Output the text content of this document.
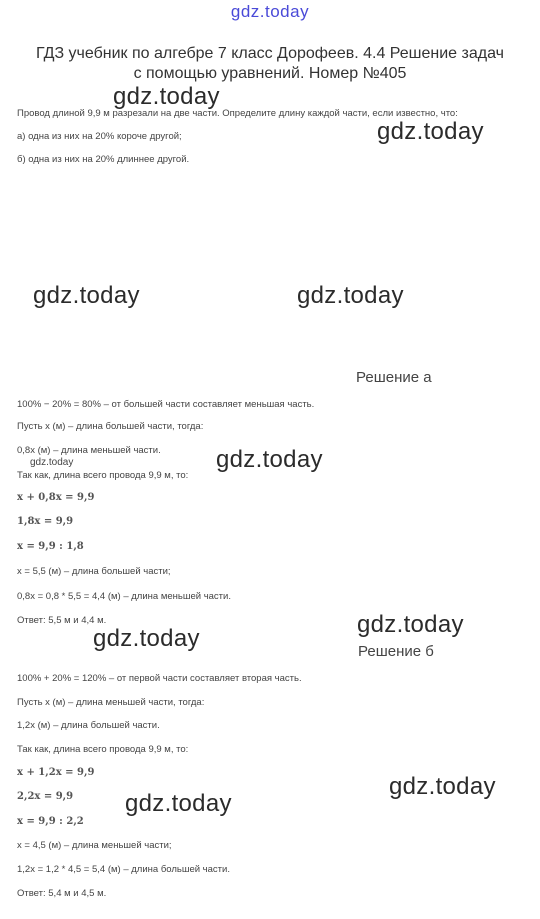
gdz.today
ГДЗ учебник по алгебре 7 класс Дорофеев. 4.4 Решение задач
с помощью уравнений. Номер №405
Провод длиной 9,9 м разрезали на две части. Определите длину каждой части, если известно, что:
а) одна из них на 20% короче другой;
б) одна из них на 20% длиннее другой.
Решение а
100% − 20% = 80% – от большей части составляет меньшая часть.
Пусть x (м) – длина большей части, тогда:
0,8x (м) – длина меньшей части.
Так как, длина всего провода 9,9 м, то:
x + 0,8x = 9,9
1,8x = 9,9
x = 9,9 : 1,8
x = 5,5 (м) – длина большей части;
0,8x = 0,8 * 5,5 = 4,4 (м) – длина меньшей части.
Ответ: 5,5 м и 4,4 м.
Решение б
100% + 20% = 120% – от первой части составляет вторая часть.
Пусть x (м) – длина меньшей части, тогда:
1,2x (м) – длина большей части.
Так как, длина всего провода 9,9 м, то:
x + 1,2x = 9,9
2,2x = 9,9
x = 9,9 : 2,2
x = 4,5 (м) – длина меньшей части;
1,2x = 1,2 * 4,5 = 5,4 (м) – длина большей части.
Ответ: 5,4 м и 4,5 м.
gdz.today
gdz.today
gdz.today	gdz.today
gdz.today	gdz.today
gdz.today
gdz.today
gdz.today
gdz.today
